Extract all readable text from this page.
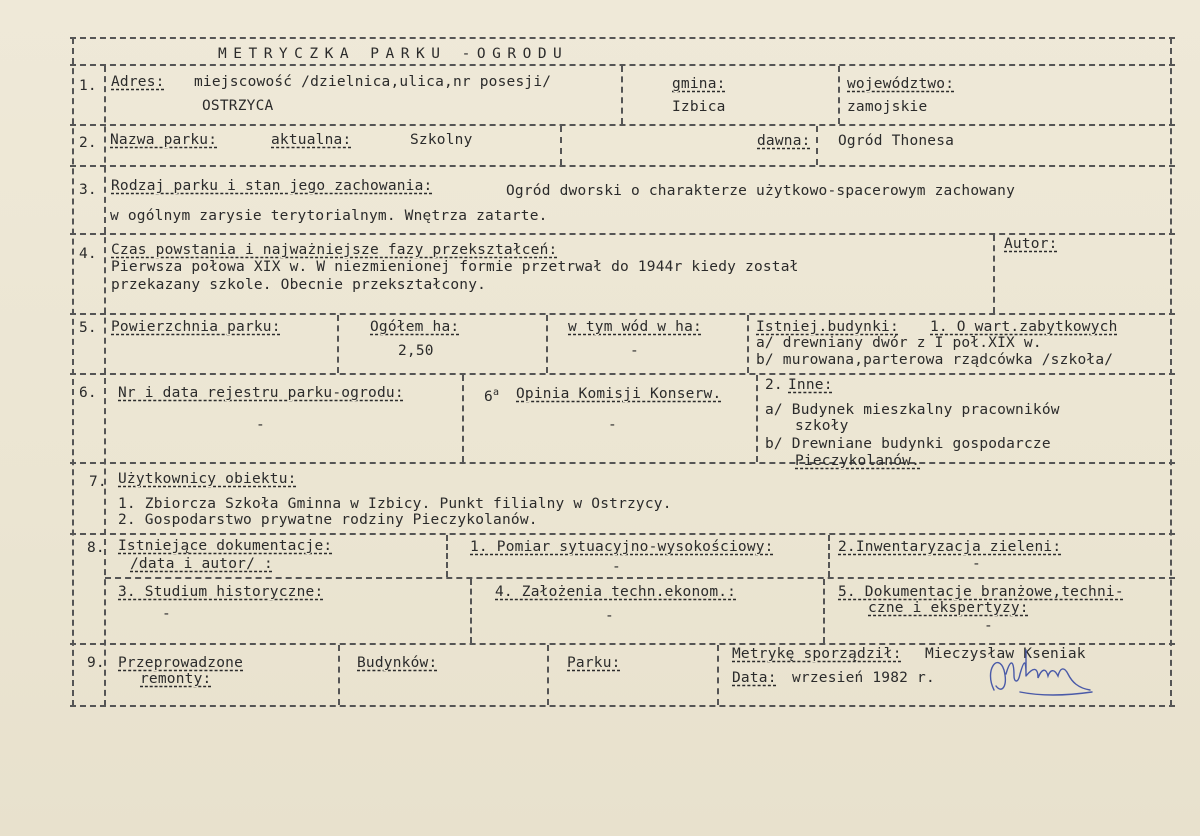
METRYCZKA PARKU -OGRODU
1. Adres: miejscowość /dzielnica,ulica,nr posesji/
OSTRZYCA
gmina:
Izbica
województwo:
zamojskie
2. Nazwa parku:	aktualna:	Szkolny	dawna: Ogród Thonesa
3. Rodzaj parku i stan jego zachowania:	Ogród dworski o charakterze użytkowo-spacerowym zachowany
w ogólnym zarysie terytorialnym. Wnętrza zatarte.
4. Czas powstania i najważniejsze fazy przekształceń:
Pierwsza połowa XIX w. W niezmienionej formie przetrwał do 1944r kiedy został
przekazany szkole. Obecnie przekształcony.
Autor:
5. Powierzchnia parku:	Ogółem ha:
2,50
w tym wód w ha:
-
Istniej.budynki: 1. O wart.zabytkowych
a/ drewniany dwór z I poł.XIX w.
b/ murowana,parterowa rządcówka /szkoła/
6. Nr i data rejestru parku-ogrodu:
-
6$^a$ Opinia Komisji Konserw.
-
2. Inne:
a/ Budynek mieszkalny pracowników
szkoły
b/ Drewniane budynki gospodarcze
Pieczykolanów.
7. Użytkownicy obiektu:
1. Zbiorcza Szkoła Gminna w Izbicy. Punkt filialny w Ostrzycy.
2. Gospodarstwo prywatne rodziny Pieczykolanów.
8. Istniejące dokumentacje:
/data i autor/ :
1. Pomiar sytuacyjno-wysokościowy:
-
2.Inwentaryzacja zieleni:
-
3. Studium historyczne:
-
4. Założenia techn.ekonom.:
-
5. Dokumentacje branżowe,techni-
czne i ekspertyzy:
-
9. Przeprowadzone
remonty:
Budynków:	Parku:
Metrykę sporządził: Mieczysław Kseniak
Data: wrzesień 1982 r.
